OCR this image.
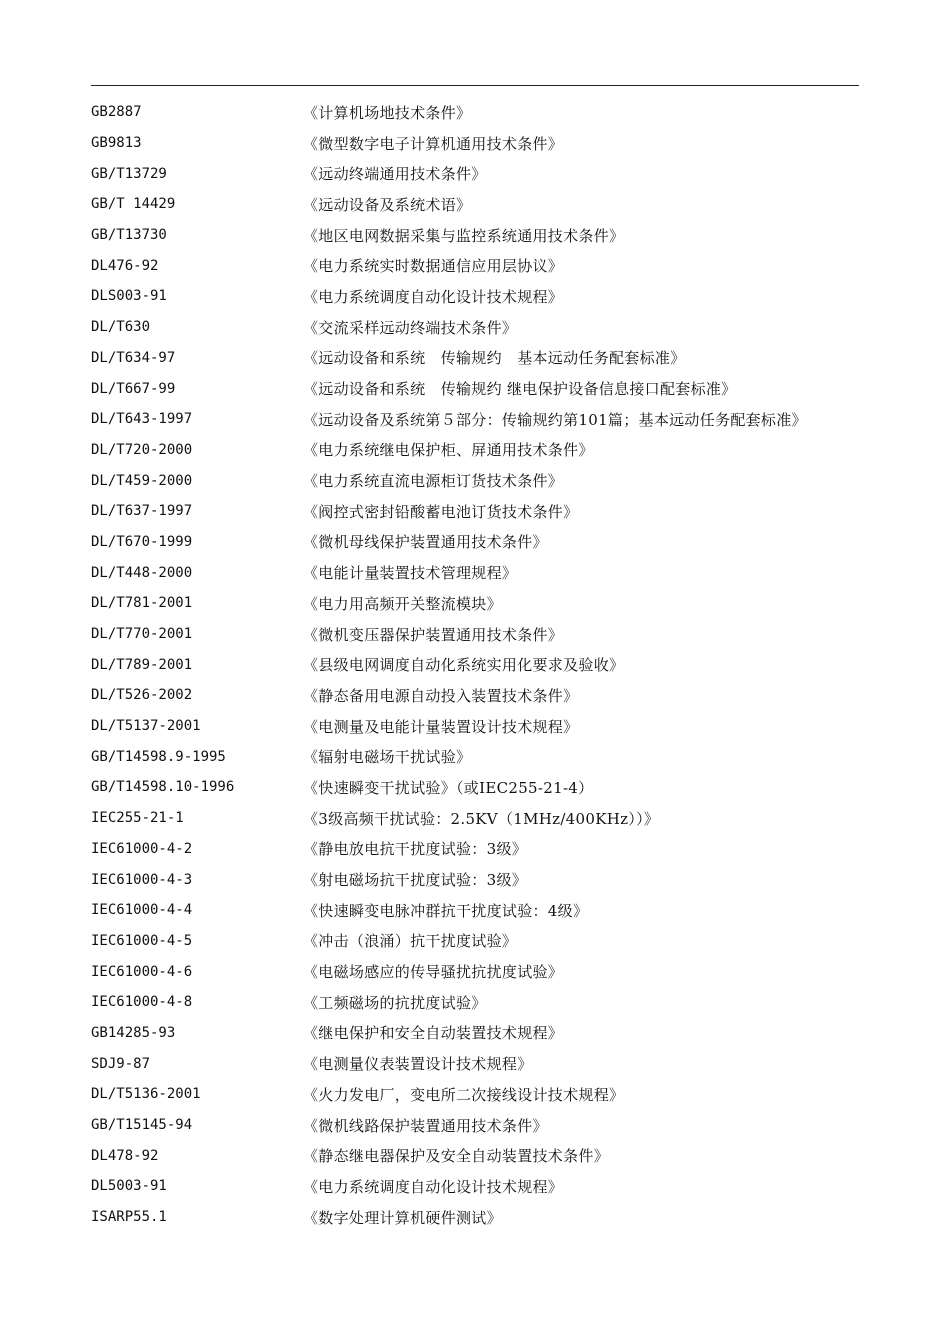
GB2887	《计算机场地技术条件》
GB9813	《微型数字电子计算机通用技术条件》
GB/T13729	《远动终端通用技术条件》
GB/T 14429	《远动设备及系统术语》
GB/T13730	《地区电网数据采集与监控系统通用技术条件》
DL476-92	《电力系统实时数据通信应用层协议》
DLS003-91	《电力系统调度自动化设计技术规程》
DL/T630	《交流采样远动终端技术条件》
DL/T634-97	《远动设备和系统　传输规约　基本远动任务配套标准》
DL/T667-99	《远动设备和系统　传输规约 继电保护设备信息接口配套标准》
DL/T643-1997	《远动设备及系统第５部分：传输规约第101篇；基本远动任务配套标准》
DL/T720-2000	《电力系统继电保护柜、屏通用技术条件》
DL/T459-2000	《电力系统直流电源柜订货技术条件》
DL/T637-1997	《阀控式密封铅酸蓄电池订货技术条件》
DL/T670-1999	《微机母线保护装置通用技术条件》
DL/T448-2000	《电能计量装置技术管理规程》
DL/T781-2001	《电力用高频开关整流模块》
DL/T770-2001	《微机变压器保护装置通用技术条件》
DL/T789-2001	《县级电网调度自动化系统实用化要求及验收》
DL/T526-2002	《静态备用电源自动投入装置技术条件》
DL/T5137-2001	《电测量及电能计量装置设计技术规程》
GB/T14598.9-1995	《辐射电磁场干扰试验》
GB/T14598.10-1996	《快速瞬变干扰试验》（或IEC255-21-4）
IEC255-21-1	《3级高频干扰试验：2.5KV（1MHz/400KHz））》
IEC61000-4-2	《静电放电抗干扰度试验：3级》
IEC61000-4-3	《射电磁场抗干扰度试验：3级》
IEC61000-4-4	《快速瞬变电脉冲群抗干扰度试验：4级》
IEC61000-4-5	《冲击（浪涌）抗干扰度试验》
IEC61000-4-6	《电磁场感应的传导骚扰抗扰度试验》
IEC61000-4-8	《工频磁场的抗扰度试验》
GB14285-93	《继电保护和安全自动装置技术规程》
SDJ9-87	《电测量仪表装置设计技术规程》
DL/T5136-2001	《火力发电厂，变电所二次接线设计技术规程》
GB/T15145-94	《微机线路保护装置通用技术条件》
DL478-92	《静态继电器保护及安全自动装置技术条件》
DL5003-91	《电力系统调度自动化设计技术规程》
ISARP55.1	《数字处理计算机硬件测试》
